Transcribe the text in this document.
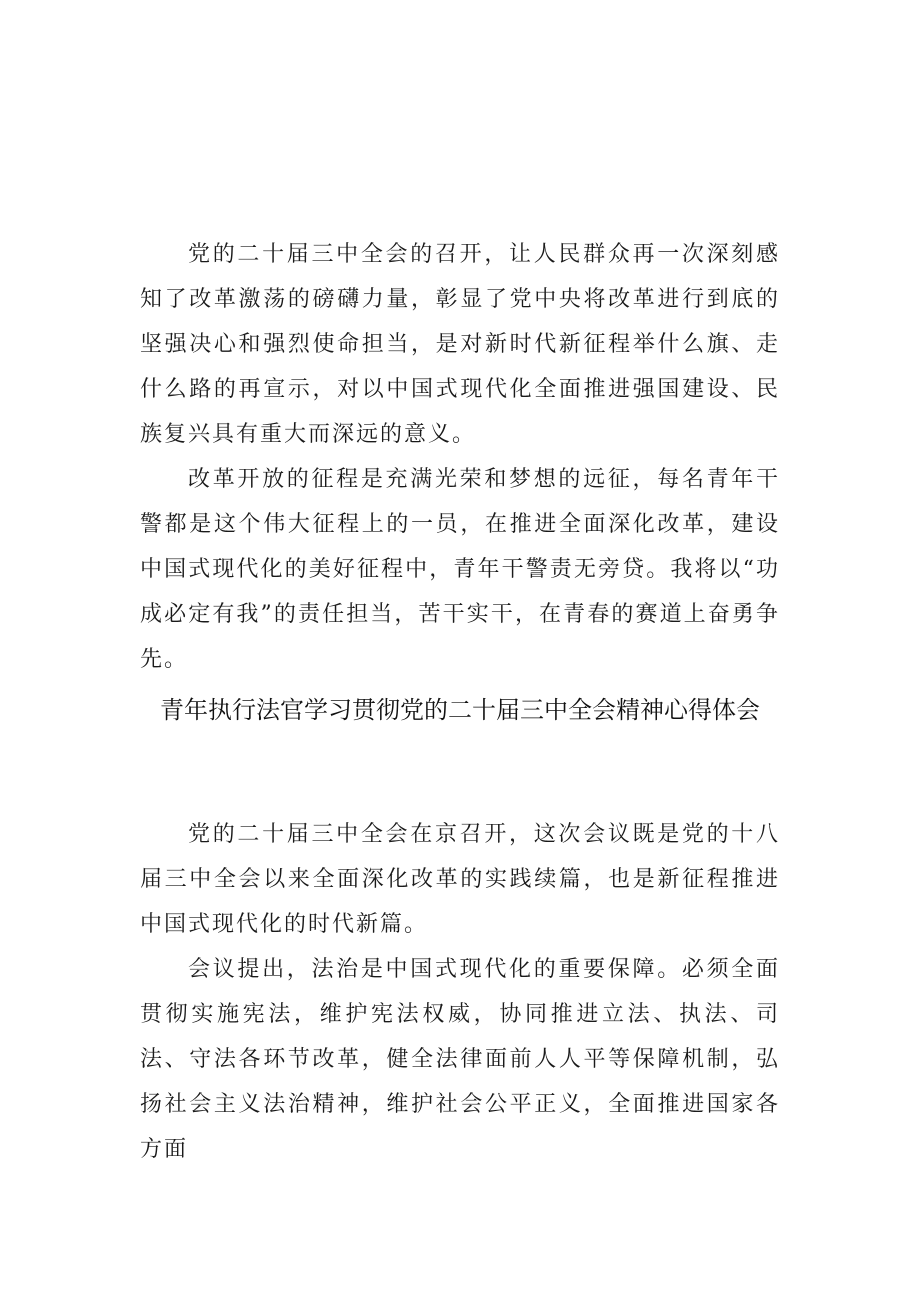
党的二十届三中全会的召开，让人民群众再一次深刻感知了改革激荡的磅礴力量，彰显了党中央将改革进行到底的坚强决心和强烈使命担当，是对新时代新征程举什么旗、走什么路的再宣示，对以中国式现代化全面推进强国建设、民族复兴具有重大而深远的意义。

改革开放的征程是充满光荣和梦想的远征，每名青年干警都是这个伟大征程上的一员，在推进全面深化改革，建设中国式现代化的美好征程中，青年干警责无旁贷。我将以“功成必定有我”的责任担当，苦干实干，在青春的赛道上奋勇争先。

青年执行法官学习贯彻党的二十届三中全会精神心得体会

党的二十届三中全会在京召开，这次会议既是党的十八届三中全会以来全面深化改革的实践续篇，也是新征程推进中国式现代化的时代新篇。

会议提出，法治是中国式现代化的重要保障。必须全面贯彻实施宪法，维护宪法权威，协同推进立法、执法、司法、守法各环节改革，健全法律面前人人平等保障机制，弘扬社会主义法治精神，维护社会公平正义，全面推进国家各方面
